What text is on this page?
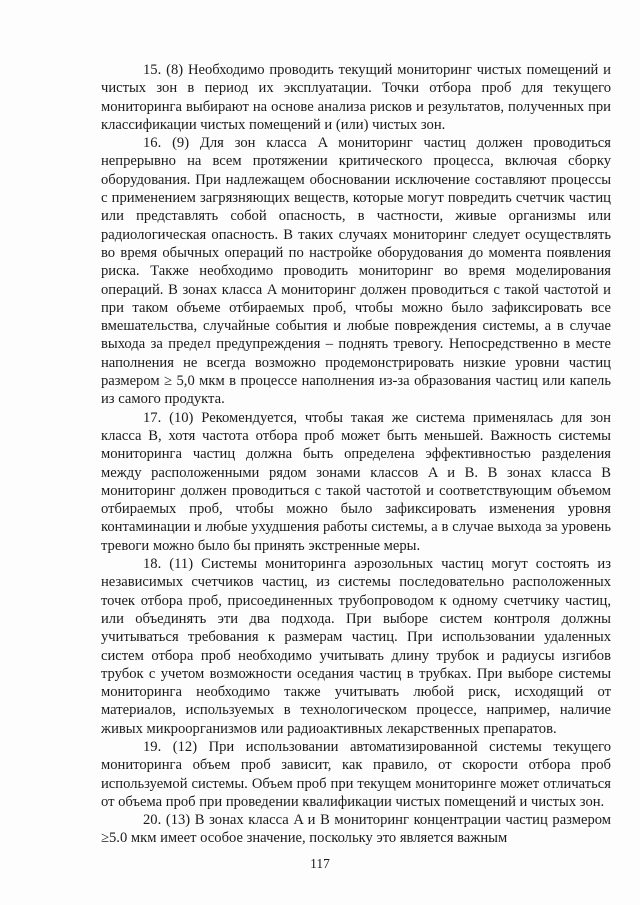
15. (8) Необходимо проводить текущий мониторинг чистых помещений и чистых зон в период их эксплуатации. Точки отбора проб для текущего мониторинга выбирают на основе анализа рисков и результатов, полученных при классификации чистых помещений и (или) чистых зон.

16. (9) Для зон класса A мониторинг частиц должен проводиться непрерывно на всем протяжении критического процесса, включая сборку оборудования. При надлежащем обосновании исключение составляют процессы с применением загрязняющих веществ, которые могут повредить счетчик частиц или представлять собой опасность, в частности, живые организмы или радиологическая опасность. В таких случаях мониторинг следует осуществлять во время обычных операций по настройке оборудования до момента появления риска. Также необходимо проводить мониторинг во время моделирования операций. В зонах класса A мониторинг должен проводиться с такой частотой и при таком объеме отбираемых проб, чтобы можно было зафиксировать все вмешательства, случайные события и любые повреждения системы, а в случае выхода за предел предупреждения – поднять тревогу. Непосредственно в месте наполнения не всегда возможно продемонстрировать низкие уровни частиц размером ≥ 5,0 мкм в процессе наполнения из-за образования частиц или капель из самого продукта.

17. (10) Рекомендуется, чтобы такая же система применялась для зон класса B, хотя частота отбора проб может быть меньшей. Важность системы мониторинга частиц должна быть определена эффективностью разделения между расположенными рядом зонами классов A и B. В зонах класса B мониторинг должен проводиться с такой частотой и соответствующим объемом отбираемых проб, чтобы можно было зафиксировать изменения уровня контаминации и любые ухудшения работы системы, а в случае выхода за уровень тревоги можно было бы принять экстренные меры.

18. (11) Системы мониторинга аэрозольных частиц могут состоять из независимых счетчиков частиц, из системы последовательно расположенных точек отбора проб, присоединенных трубопроводом к одному счетчику частиц, или объединять эти два подхода. При выборе систем контроля должны учитываться требования к размерам частиц. При использовании удаленных систем отбора проб необходимо учитывать длину трубок и радиусы изгибов трубок с учетом возможности оседания частиц в трубках. При выборе системы мониторинга необходимо также учитывать любой риск, исходящий от материалов, используемых в технологическом процессе, например, наличие живых микроорганизмов или радиоактивных лекарственных препаратов.

19. (12) При использовании автоматизированной системы текущего мониторинга объем проб зависит, как правило, от скорости отбора проб используемой системы. Объем проб при текущем мониторинге может отличаться от объема проб при проведении квалификации чистых помещений и чистых зон.

20. (13) В зонах класса A и B мониторинг концентрации частиц размером ≥5.0 мкм имеет особое значение, поскольку это является важным

117
